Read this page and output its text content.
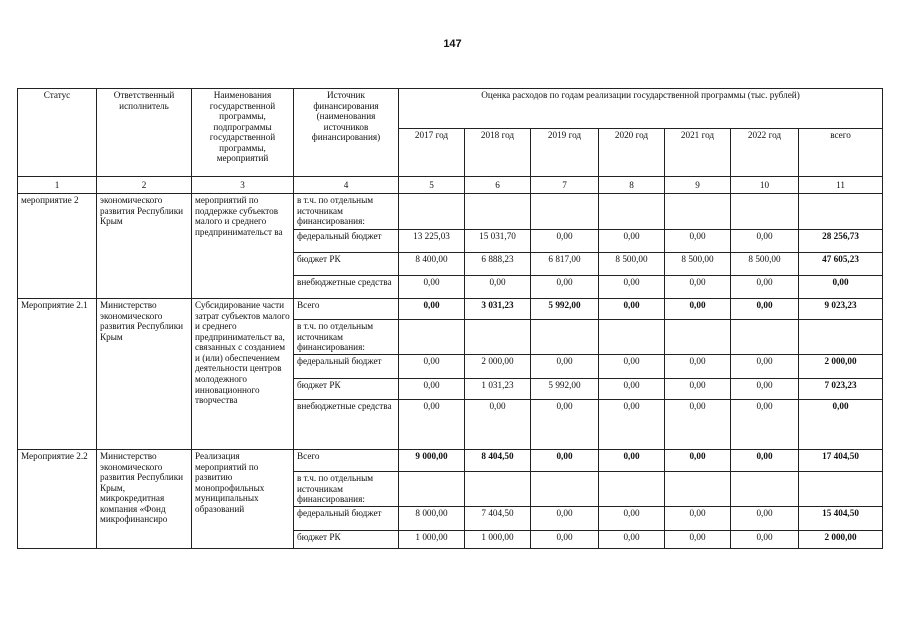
147
Статус	Ответственный исполнитель	Наименования государственной программы, подпрограммы государственной программы, мероприятий	Источник финансирования (наименования источников финансирования)	Оценка расходов по годам реализации государственной программы (тыс. рублей)						
				2017 год	2018 год	2019 год	2020 год	2021 год	2022 год	всего
1	2	3	4	5	6	7	8	9	10	11
мероприятие 2	экономического развития Республики Крым	мероприятий по поддержке субъектов малого и среднего предпринимательст ва	в т.ч. по отдельным источникам финансирования:							
			федеральный бюджет	13 225,03	15 031,70	0,00	0,00	0,00	0,00	28 256,73
			бюджет РК	8 400,00	6 888,23	6 817,00	8 500,00	8 500,00	8 500,00	47 605,23
			внебюджетные средства	0,00	0,00	0,00	0,00	0,00	0,00	0,00
Мероприятие 2.1	Министерство экономического развития Республики Крым	Субсидирование части затрат субъектов малого и среднего предпринимательст ва, связанных с созданием и (или) обеспечением деятельности центров молодежного инновационного творчества	Всего	0,00	3 031,23	5 992,00	0,00	0,00	0,00	9 023,23
			в т.ч. по отдельным источникам финансирования:							
			федеральный бюджет	0,00	2 000,00	0,00	0,00	0,00	0,00	2 000,00
			бюджет РК	0,00	1 031,23	5 992,00	0,00	0,00	0,00	7 023,23
			внебюджетные средства	0,00	0,00	0,00	0,00	0,00	0,00	0,00
Мероприятие 2.2	Министерство экономического развития Республики Крым, микрокредитная компания «Фонд микрофинансиро	Реализация мероприятий по развитию монопрофильных муниципальных образований	Всего	9 000,00	8 404,50	0,00	0,00	0,00	0,00	17 404,50
			в т.ч. по отдельным источникам финансирования:							
			федеральный бюджет	8 000,00	7 404,50	0,00	0,00	0,00	0,00	15 404,50
			бюджет РК	1 000,00	1 000,00	0,00	0,00	0,00	0,00	2 000,00
